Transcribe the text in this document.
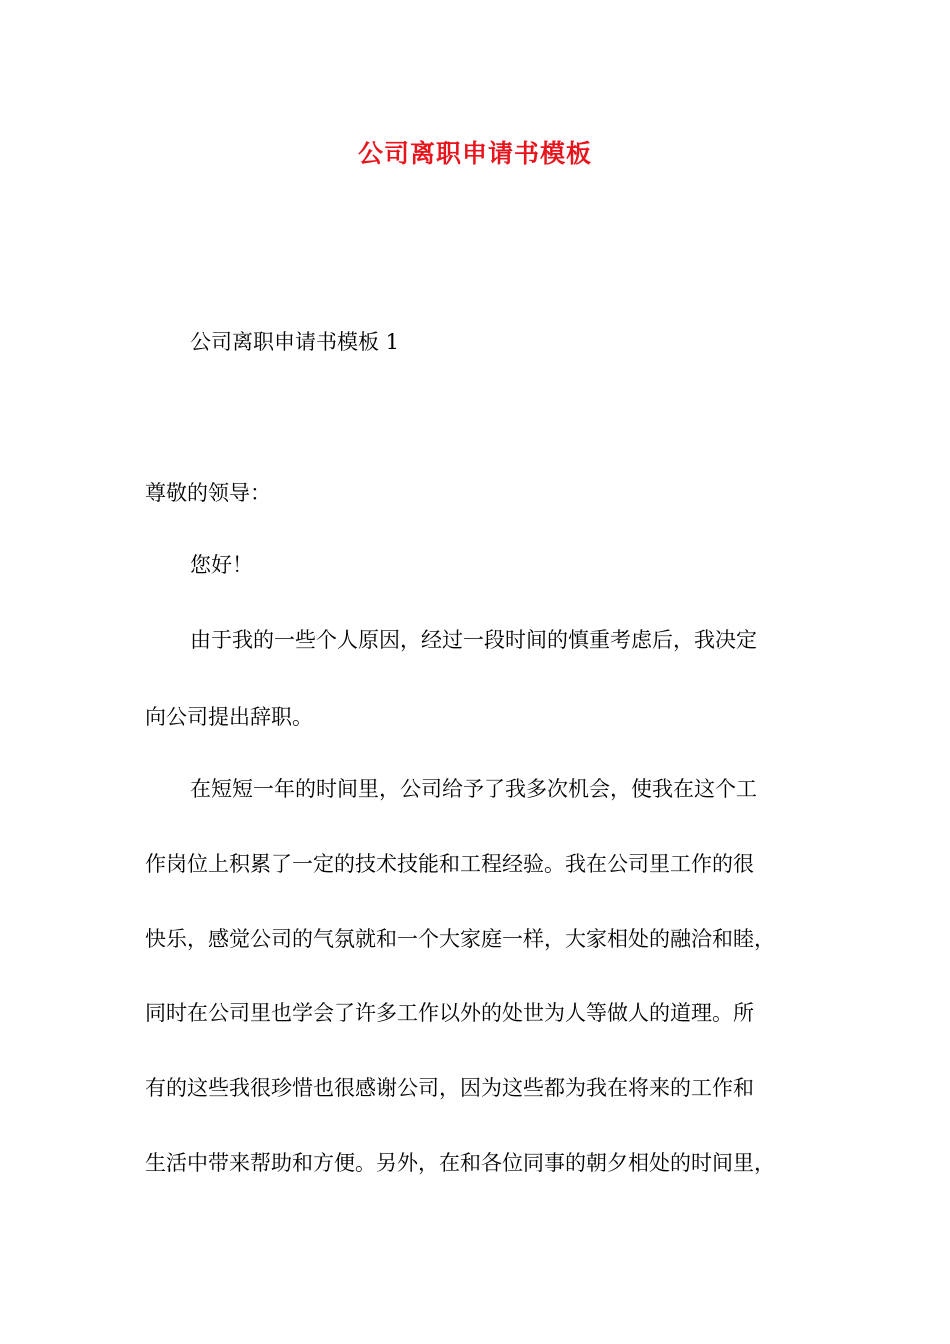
公司离职申请书模板
公司离职申请书模板 1
尊敬的领导：
您好！
由于我的一些个人原因，经过一段时间的慎重考虑后，我决定
向公司提出辞职。
在短短一年的时间里，公司给予了我多次机会，使我在这个工
作岗位上积累了一定的技术技能和工程经验。我在公司里工作的很
快乐，感觉公司的气氛就和一个大家庭一样，大家相处的融洽和睦，
同时在公司里也学会了许多工作以外的处世为人等做人的道理。所
有的这些我很珍惜也很感谢公司，因为这些都为我在将来的工作和
生活中带来帮助和方便。另外，在和各位同事的朝夕相处的时间里，
